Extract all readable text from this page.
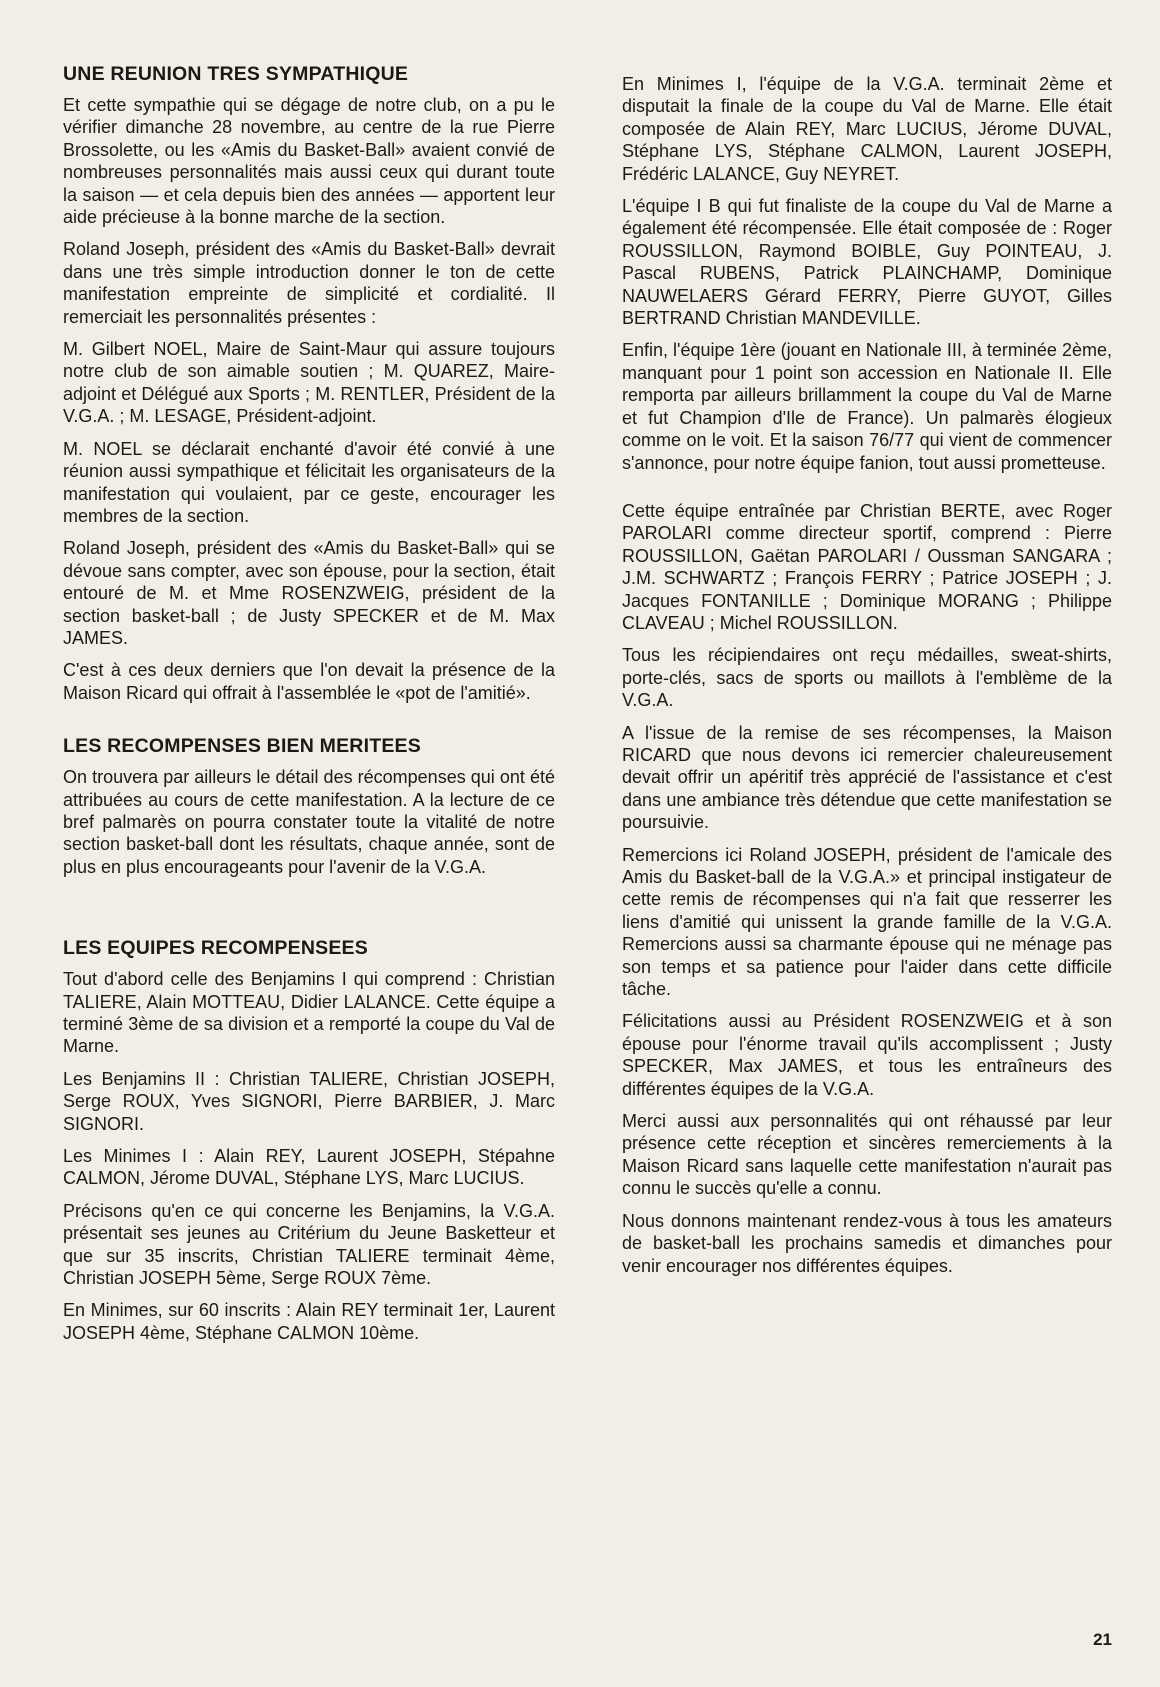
UNE REUNION TRES SYMPATHIQUE

Et cette sympathie qui se dégage de notre club, on a pu le vérifier dimanche 28 novembre, au centre de la rue Pierre Brossolette, ou les «Amis du Basket-Ball» avaient convié de nombreuses personnalités mais aussi ceux qui durant toute la saison — et cela depuis bien des années — apportent leur aide précieuse à la bonne marche de la section.

Roland Joseph, président des «Amis du Basket-Ball» devrait dans une très simple introduction donner le ton de cette manifestation empreinte de simplicité et cordialité. Il remerciait les personnalités présentes :

M. Gilbert NOEL, Maire de Saint-Maur qui assure toujours notre club de son aimable soutien ; M. QUAREZ, Maire-adjoint et Délégué aux Sports ; M. RENTLER, Président de la V.G.A. ; M. LESAGE, Président-adjoint.

M. NOEL se déclarait enchanté d'avoir été convié à une réunion aussi sympathique et félicitait les organisateurs de la manifestation qui voulaient, par ce geste, encourager les membres de la section.

Roland Joseph, président des «Amis du Basket-Ball» qui se dévoue sans compter, avec son épouse, pour la section, était entouré de M. et Mme ROSENZWEIG, président de la section basket-ball ; de Justy SPECKER et de M. Max JAMES.

C'est à ces deux derniers que l'on devait la présence de la Maison Ricard qui offrait à l'assemblée le «pot de l'amitié».

LES RECOMPENSES BIEN MERITEES

On trouvera par ailleurs le détail des récompenses qui ont été attribuées au cours de cette manifestation. A la lecture de ce bref palmarès on pourra constater toute la vitalité de notre section basket-ball dont les résultats, chaque année, sont de plus en plus encourageants pour l'avenir de la V.G.A.

LES EQUIPES RECOMPENSEES

Tout d'abord celle des Benjamins I qui comprend : Christian TALIERE, Alain MOTTEAU, Didier LALANCE. Cette équipe a terminé 3ème de sa division et a remporté la coupe du Val de Marne.

Les Benjamins II : Christian TALIERE, Christian JOSEPH, Serge ROUX, Yves SIGNORI, Pierre BARBIER, J. Marc SIGNORI.

Les Minimes I : Alain REY, Laurent JOSEPH, Stépahne CALMON, Jérome DUVAL, Stéphane LYS, Marc LUCIUS.

Précisons qu'en ce qui concerne les Benjamins, la V.G.A. présentait ses jeunes au Critérium du Jeune Basketteur et que sur 35 inscrits, Christian TALIERE terminait 4ème, Christian JOSEPH 5ème, Serge ROUX 7ème.

En Minimes, sur 60 inscrits : Alain REY terminait 1er, Laurent JOSEPH 4ème, Stéphane CALMON 10ème.

En Minimes I, l'équipe de la V.G.A. terminait 2ème et disputait la finale de la coupe du Val de Marne. Elle était composée de Alain REY, Marc LUCIUS, Jérome DUVAL, Stéphane LYS, Stéphane CALMON, Laurent JOSEPH, Frédéric LALANCE, Guy NEYRET.

L'équipe I B qui fut finaliste de la coupe du Val de Marne a également été récompensée. Elle était composée de : Roger ROUSSILLON, Raymond BOIBLE, Guy POINTEAU, J. Pascal RUBENS, Patrick PLAINCHAMP, Dominique NAUWELAERS Gérard FERRY, Pierre GUYOT, Gilles BERTRAND Christian MANDEVILLE.

Enfin, l'équipe 1ère (jouant en Nationale III, à terminée 2ème, manquant pour 1 point son accession en Nationale II. Elle remporta par ailleurs brillamment la coupe du Val de Marne et fut Champion d'Ile de France). Un palmarès élogieux comme on le voit. Et la saison 76/77 qui vient de commencer s'annonce, pour notre équipe fanion, tout aussi prometteuse.

Cette équipe entraînée par Christian BERTE, avec Roger PAROLARI comme directeur sportif, comprend : Pierre ROUSSILLON, Gaëtan PAROLARI / Oussman SANGARA ; J.M. SCHWARTZ ; François FERRY ; Patrice JOSEPH ; J. Jacques FONTANILLE ; Dominique MORANG ; Philippe CLAVEAU ; Michel ROUSSILLON.

Tous les récipiendaires ont reçu médailles, sweat-shirts, porte-clés, sacs de sports ou maillots à l'emblème de la V.G.A.

A l'issue de la remise de ses récompenses, la Maison RICARD que nous devons ici remercier chaleureusement devait offrir un apéritif très apprécié de l'assistance et c'est dans une ambiance très détendue que cette manifestation se poursuivie.

Remercions ici Roland JOSEPH, président de l'amicale des Amis du Basket-ball de la V.G.A.» et principal instigateur de cette remis de récompenses qui n'a fait que resserrer les liens d'amitié qui unissent la grande famille de la V.G.A. Remercions aussi sa charmante épouse qui ne ménage pas son temps et sa patience pour l'aider dans cette difficile tâche.

Félicitations aussi au Président ROSENZWEIG et à son épouse pour l'énorme travail qu'ils accomplissent ; Justy SPECKER, Max JAMES, et tous les entraîneurs des différentes équipes de la V.G.A.

Merci aussi aux personnalités qui ont réhaussé par leur présence cette réception et sincères remerciements à la Maison Ricard sans laquelle cette manifestation n'aurait pas connu le succès qu'elle a connu.

Nous donnons maintenant rendez-vous à tous les amateurs de basket-ball les prochains samedis et dimanches pour venir encourager nos différentes équipes.

21
